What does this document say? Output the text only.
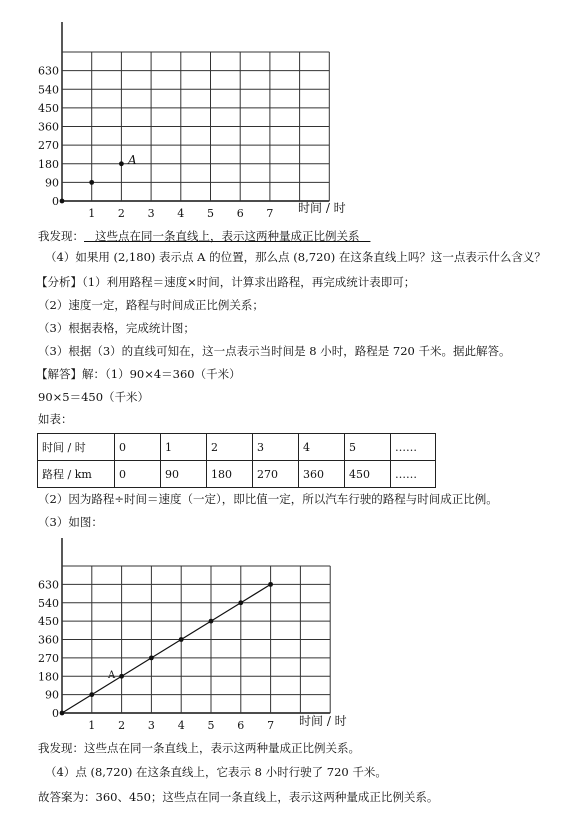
0
90
180
270
360
450
540
630
1 2 3 4 5 6 7 时间 / 时
A
我发现：   这些点在同一条直线上，表示这两种量成正比例关系
（4）如果用 (2,180) 表示点 A 的位置，那么点 (8,720) 在这条直线上吗？这一点表示什么含义？
【分析】（1）利用路程＝速度×时间，计算求出路程，再完成统计表即可；
（2）速度一定，路程与时间成正比例关系；
（3）根据表格，完成统计图；
（3）根据（3）的直线可知在，这一点表示当时间是 8 小时，路程是 720 千米。据此解答。
【解答】解：（1）90×4＝360（千米）
90×5＝450（千米）
如表：
时间 / 时	0	1	2	3	4	5	……
路程 / km	0	90	180	270	360	450	……
（2）因为路程÷时间＝速度（一定），即比值一定，所以汽车行驶的路程与时间成正比例。
（3）如图：
0
90
180
270
360
450
540
630
1 2 3 4 5 6 7 时间 / 时
A
我发现：这些点在同一条直线上，表示这两种量成正比例关系。
（4）点 (8,720) 在这条直线上，它表示 8 小时行驶了 720 千米。
故答案为：360、450；这些点在同一条直线上，表示这两种量成正比例关系。
